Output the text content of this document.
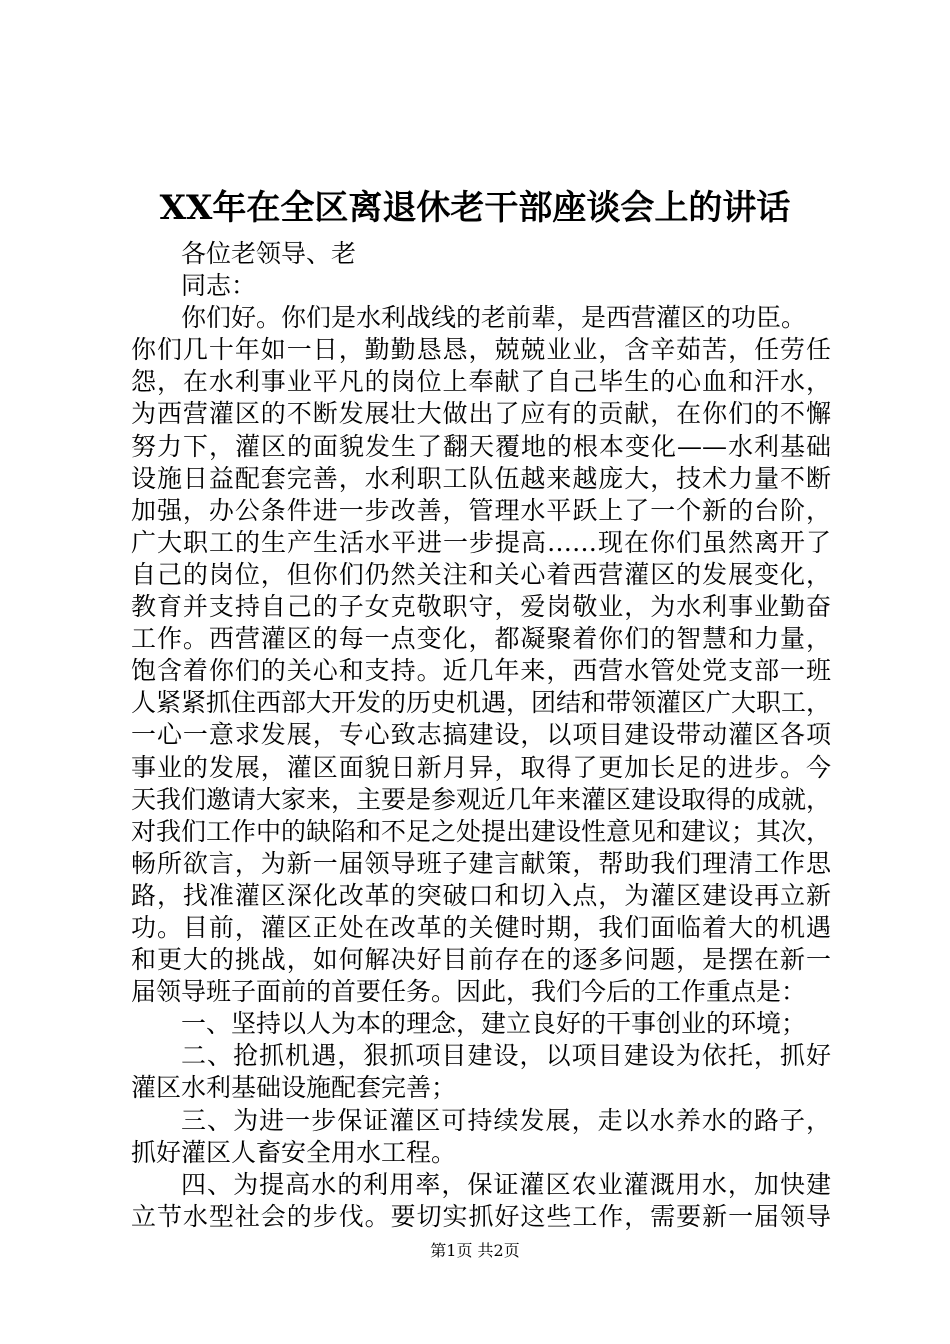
XX年在全区离退休老干部座谈会上的讲话
各位老领导、老
同志：
你们好。你们是水利战线的老前辈，是西营灌区的功臣。
你们几十年如一日，勤勤恳恳，兢兢业业，含辛茹苦，任劳任
怨，在水利事业平凡的岗位上奉献了自己毕生的心血和汗水，
为西营灌区的不断发展壮大做出了应有的贡献，在你们的不懈
努力下，灌区的面貌发生了翻天覆地的根本变化——水利基础
设施日益配套完善，水利职工队伍越来越庞大，技术力量不断
加强，办公条件进一步改善，管理水平跃上了一个新的台阶，
广大职工的生产生活水平进一步提高……现在你们虽然离开了
自己的岗位，但你们仍然关注和关心着西营灌区的发展变化，
教育并支持自己的子女克敬职守，爱岗敬业，为水利事业勤奋
工作。西营灌区的每一点变化，都凝聚着你们的智慧和力量，
饱含着你们的关心和支持。近几年来，西营水管处党支部一班
人紧紧抓住西部大开发的历史机遇，团结和带领灌区广大职工，
一心一意求发展，专心致志搞建设，以项目建设带动灌区各项
事业的发展，灌区面貌日新月异，取得了更加长足的进步。今
天我们邀请大家来，主要是参观近几年来灌区建设取得的成就，
对我们工作中的缺陷和不足之处提出建设性意见和建议；其次，
畅所欲言，为新一届领导班子建言献策，帮助我们理清工作思
路，找准灌区深化改革的突破口和切入点，为灌区建设再立新
功。目前，灌区正处在改革的关健时期，我们面临着大的机遇
和更大的挑战，如何解决好目前存在的逐多问题，是摆在新一
届领导班子面前的首要任务。因此，我们今后的工作重点是：
一、坚持以人为本的理念，建立良好的干事创业的环境；
二、抢抓机遇，狠抓项目建设，以项目建设为依托，抓好
灌区水利基础设施配套完善；
三、为进一步保证灌区可持续发展，走以水养水的路子，
抓好灌区人畜安全用水工程。
四、为提高水的利用率，保证灌区农业灌溉用水，加快建
立节水型社会的步伐。要切实抓好这些工作，需要新一届领导
第1页 共2页
